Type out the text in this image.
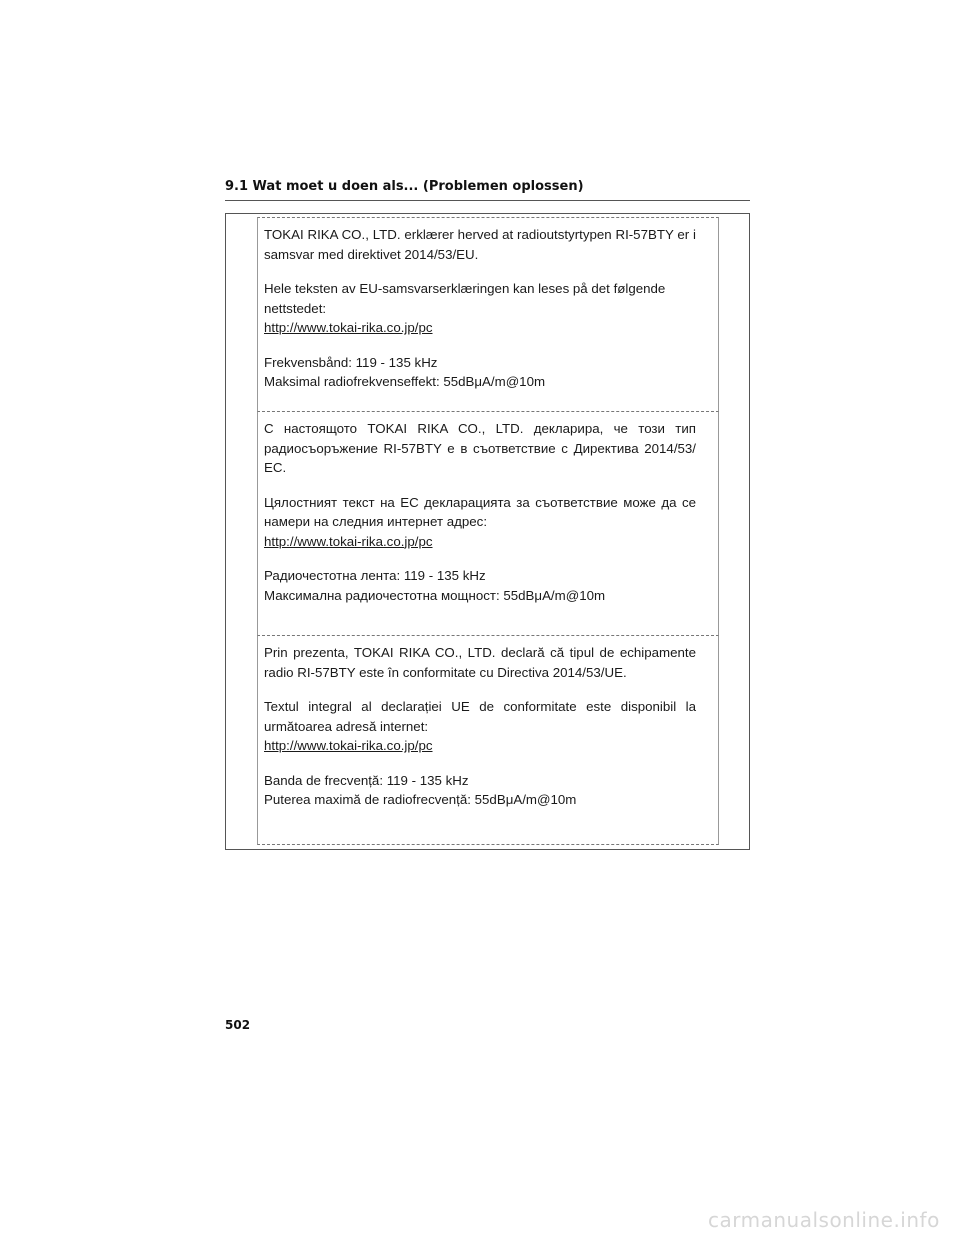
9.1 Wat moet u doen als... (Problemen oplossen)

TOKAI RIKA CO., LTD. erklærer herved at radioutstyrtypen RI-57BTY er i samsvar med direktivet 2014/53/EU.

Hele teksten av EU-samsvarserklæringen kan leses på det følgende nettstedet:

http://www.tokai-rika.co.jp/pc

Frekvensbånd: 119 - 135 kHz

Maksimal radiofrekvenseffekt: 55dBμA/m@10m

С настоящото TOKAI RIKA CO., LTD. декларира, че този тип радиосъоръжение RI-57BTY е в съответствие с Директива 2014/53/ЕС.

Цялостният текст на ЕС декларацията за съответствие може да се намери на следния интернет адрес:

http://www.tokai-rika.co.jp/pc

Радиочестотна лента: 119 - 135 kHz

Максимална радиочестотна мощност: 55dBμA/m@10m

Prin prezenta, TOKAI RIKA CO., LTD. declară că tipul de echipamente radio RI-57BTY este în conformitate cu Directiva 2014/53/UE.

Textul integral al declarației UE de conformitate este disponibil la următoarea adresă internet:

http://www.tokai-rika.co.jp/pc

Banda de frecvență: 119 - 135 kHz

Puterea maximă de radiofrecvență: 55dBμA/m@10m

502
carmanualsonline.info
